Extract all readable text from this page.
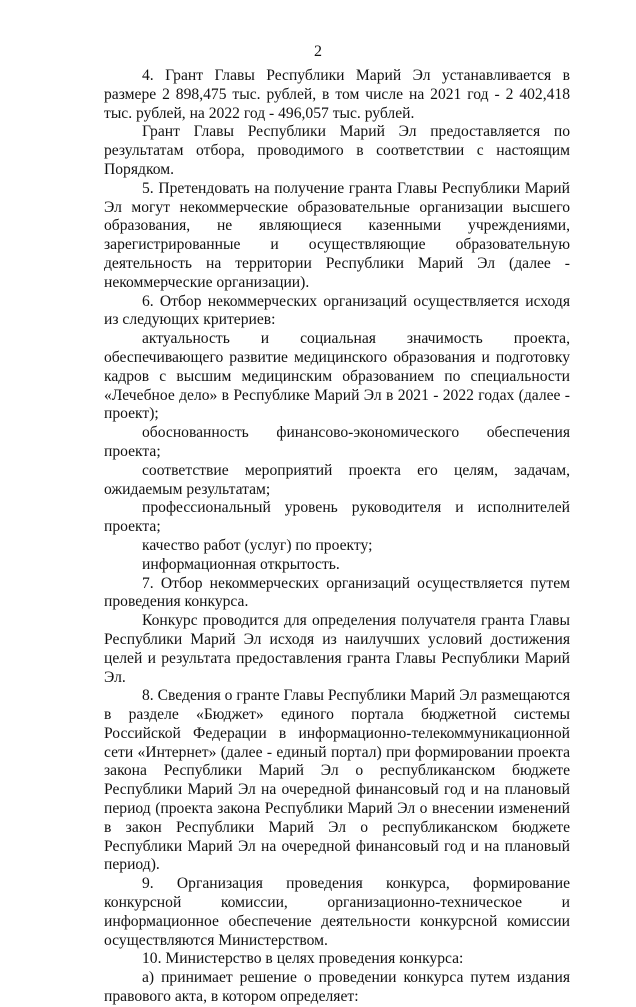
2

4. Грант Главы Республики Марий Эл устанавливается в размере 2 898,475 тыс. рублей, в том числе на 2021 год - 2 402,418 тыс. рублей, на 2022 год - 496,057 тыс. рублей.

Грант Главы Республики Марий Эл предоставляется по результатам отбора, проводимого в соответствии с настоящим Порядком.

5. Претендовать на получение гранта Главы Республики Марий Эл могут некоммерческие образовательные организации высшего образования, не являющиеся казенными учреждениями, зарегистрированные и осуществляющие образовательную деятельность на территории Республики Марий Эл (далее - некоммерческие организации).

6. Отбор некоммерческих организаций осуществляется исходя из следующих критериев:

актуальность и социальная значимость проекта, обеспечивающего развитие медицинского образования и подготовку кадров с высшим медицинским образованием по специальности «Лечебное дело» в Республике Марий Эл в 2021 - 2022 годах (далее - проект);

обоснованность финансово-экономического обеспечения проекта;

соответствие мероприятий проекта его целям, задачам, ожидаемым результатам;

профессиональный уровень руководителя и исполнителей проекта;

качество работ (услуг) по проекту;

информационная открытость.

7. Отбор некоммерческих организаций осуществляется путем проведения конкурса.

Конкурс проводится для определения получателя гранта Главы Республики Марий Эл исходя из наилучших условий достижения целей и результата предоставления гранта Главы Республики Марий Эл.

8. Сведения о гранте Главы Республики Марий Эл размещаются в разделе «Бюджет» единого портала бюджетной системы Российской Федерации в информационно-телекоммуникационной сети «Интернет» (далее - единый портал) при формировании проекта закона Республики Марий Эл о республиканском бюджете Республики Марий Эл на очередной финансовый год и на плановый период (проекта закона Республики Марий Эл о внесении изменений в закон Республики Марий Эл о республиканском бюджете Республики Марий Эл на очередной финансовый год и на плановый период).

9. Организация проведения конкурса, формирование конкурсной комиссии, организационно-техническое и информационное обеспечение деятельности конкурсной комиссии осуществляются Министерством.

10. Министерство в целях проведения конкурса:

а) принимает решение о проведении конкурса путем издания правового акта, в котором определяет:
